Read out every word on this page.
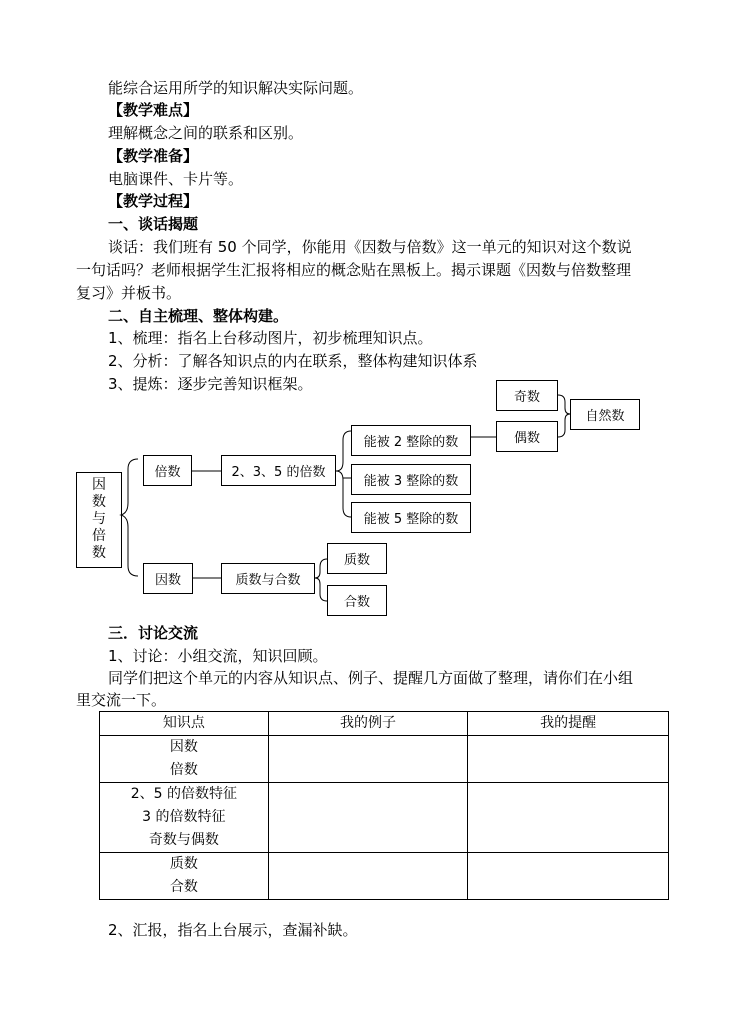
能综合运用所学的知识解决实际问题。
【教学难点】
理解概念之间的联系和区别。
【教学准备】
电脑课件、卡片等。
【教学过程】
一、谈话揭题
谈话：我们班有 50 个同学，你能用《因数与倍数》这一单元的知识对这个数说
一句话吗？老师根据学生汇报将相应的概念贴在黑板上。揭示课题《因数与倍数整理
复习》并板书。
二、自主梳理、整体构建。
1、梳理：指名上台移动图片，初步梳理知识点。
2、分析：了解各知识点的内在联系，整体构建知识体系
3、提炼：逐步完善知识框架。
因
数
与
倍
数
倍数	2、3、5 的倍数
能被 2 整除的数
能被 3 整除的数
能被 5 整除的数
奇数
偶数
自然数
因数	质数与合数
质数
合数
三．讨论交流
1、讨论：小组交流，知识回顾。
同学们把这个单元的内容从知识点、例子、提醒几方面做了整理，请你们在小组
里交流一下。
知识点	我的例子	我的提醒

因数
倍数		

2、5 的倍数特征
3 的倍数特征
奇数与偶数		

质数
合数		

2、汇报，指名上台展示，查漏补缺。
